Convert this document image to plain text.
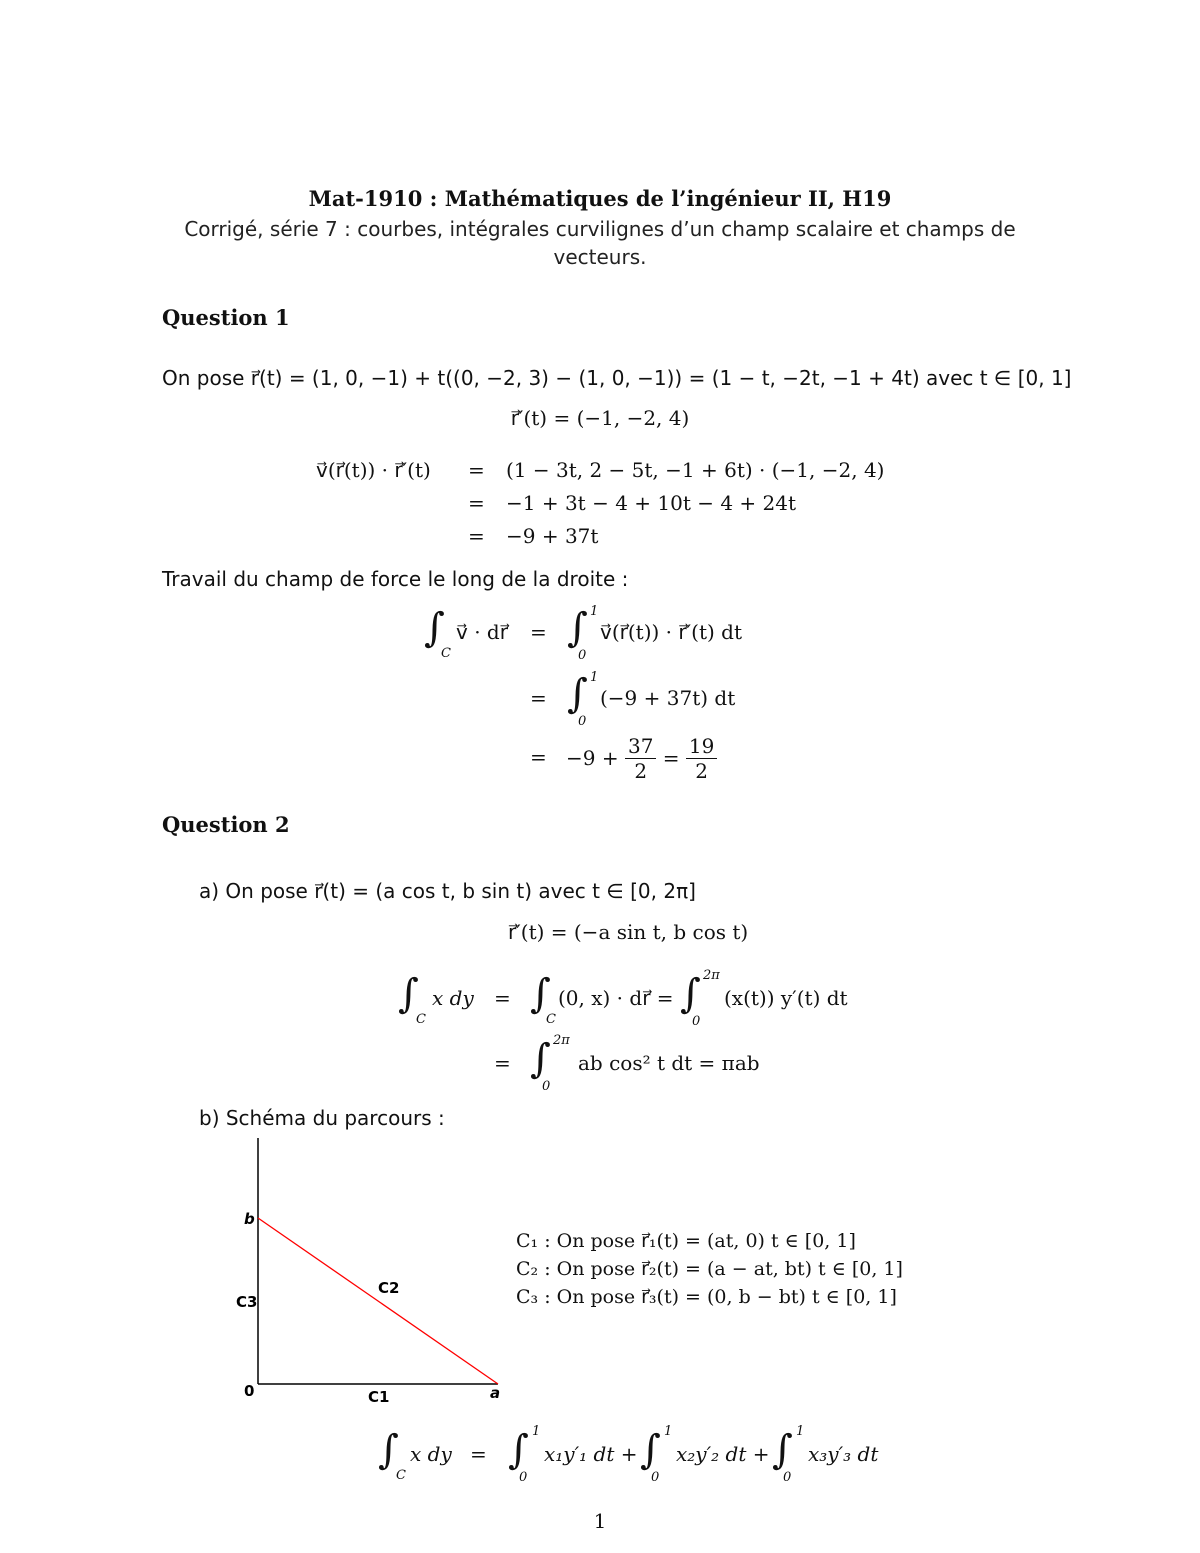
Mat-1910 : Mathématiques de l’ingénieur II, H19
Corrigé, série 7 : courbes, intégrales curvilignes d’un champ scalaire et champs de
vecteurs.
Question 1
On pose r⃗(t) = (1, 0, −1) + t((0, −2, 3) − (1, 0, −1)) = (1 − t, −2t, −1 + 4t) avec t ∈ [0, 1]
r⃗′(t) = (−1, −2, 4)
v⃗(r⃗(t)) · r⃗′(t) = (1 − 3t, 2 − 5t, −1 + 6t) · (−1, −2, 4)
= −1 + 3t − 4 + 10t − 4 + 24t
= −9 + 37t
Travail du champ de force le long de la droite :
∫
C
v⃗ · dr⃗ = ∫ 1
0
v⃗(r⃗(t)) · r⃗′(t) dt
= ∫ 1
0
(−9 + 37t) dt
= −9 +
$\frac{37}{2}$
=
$\frac{19}{2}$
Question 2
a) On pose r⃗(t) = (a cos t, b sin t) avec t ∈ [0, 2π]
r⃗′(t) = (−a sin t, b cos t)
∫
C
x dy = ∫
C
(0, x) · dr⃗ = ∫ 2π
0
(x(t)) y′(t) dt
= ∫ 2π
0
ab cos² t dt = πab
b) Schéma du parcours :
b
0	a
C1
C2
C3
C₁ : On pose r⃗₁(t) = (at, 0) t ∈ [0, 1]
C₂ : On pose r⃗₂(t) = (a − at, bt) t ∈ [0, 1]
C₃ : On pose r⃗₃(t) = (0, b − bt) t ∈ [0, 1]
∫
C
x dy = ∫ 1
0
x₁y′₁ dt + ∫ 1
0
x₂y′₂ dt + ∫ 1
0
x₃y′₃ dt
1
